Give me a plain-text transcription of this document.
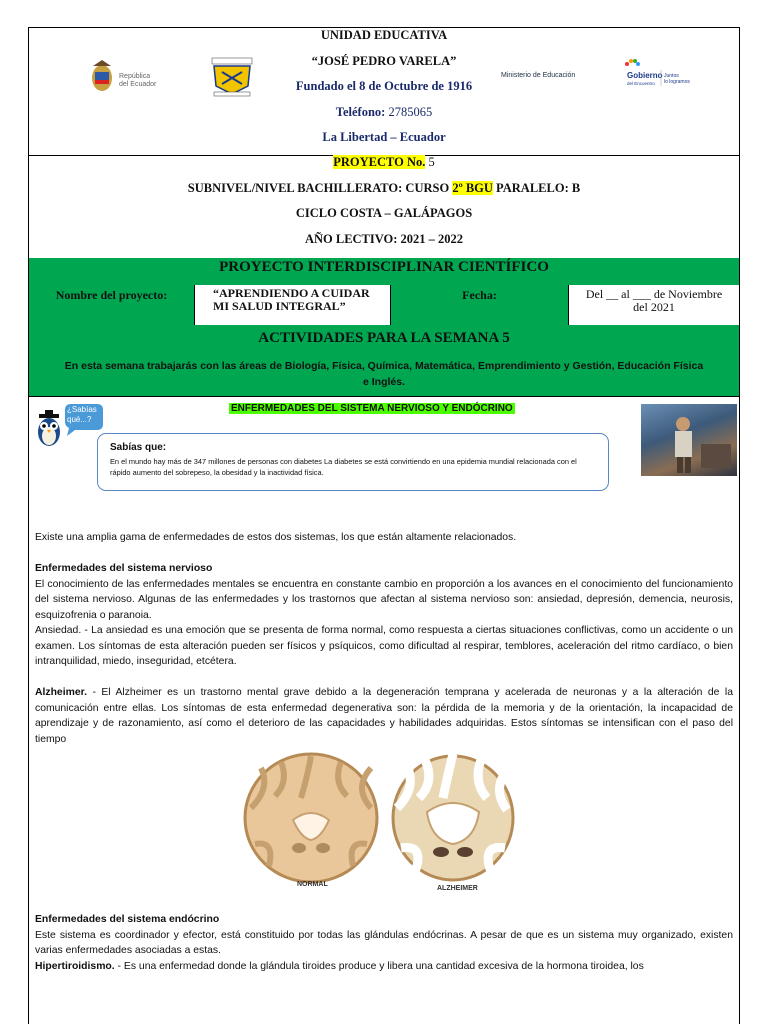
República
del Ecuador
UNIDAD EDUCATIVA
“JOSÉ PEDRO VARELA”
Fundado el 8 de Octubre de 1916
Teléfono: 2785065
La Libertad – Ecuador
Ministerio de Educación	Gobierno
del Encuentro
Juntos
lo logramos
PROYECTO No. 5
SUBNIVEL/NIVEL BACHILLERATO: CURSO 2º BGU PARALELO: B
CICLO COSTA – GALÁPAGOS
AÑO LECTIVO: 2021 – 2022
PROYECTO INTERDISCIPLINAR CIENTÍFICO
Nombre del proyecto:	“APRENDIENDO A CUIDAR
MI SALUD INTEGRAL”
Fecha:	Del __ al ___ de Noviembre
del 2021
ACTIVIDADES PARA LA SEMANA 5
En esta semana trabajarás con las áreas de Biología, Física, Química, Matemática, Emprendimiento y Gestión, Educación Física
e Inglés.
¿Sabías qué...?
ENFERMEDADES DEL SISTEMA NERVIOSO Y ENDÓCRINO
Sabías que:
En el mundo hay más de 347 millones de personas con diabetes La diabetes se está convirtiendo en una epidemia mundial relacionada con el rápido aumento del sobrepeso, la obesidad y la inactividad física.
Existe una amplia gama de enfermedades de estos dos sistemas, los que están altamente relacionados.
Enfermedades del sistema nervioso
El conocimiento de las enfermedades mentales se encuentra en constante cambio en proporción a los avances en el conocimiento del funcionamiento del sistema nervioso. Algunas de las enfermedades y los trastornos que afectan al sistema nervioso son: ansiedad, depresión, demencia, neurosis, esquizofrenia o paranoia.
Ansiedad. - La ansiedad es una emoción que se presenta de forma normal, como respuesta a ciertas situaciones conflictivas, como un accidente o un examen. Los síntomas de esta alteración pueden ser físicos y psíquicos, como dificultad al respirar, temblores, aceleración del ritmo cardíaco, o bien intranquilidad, miedo, inseguridad, etcétera.
Alzheimer. - El Alzheimer es un trastorno mental grave debido a la degeneración temprana y acelerada de neuronas y a la alteración de la comunicación entre ellas. Los síntomas de esta enfermedad degenerativa son: la pérdida de la memoria y de la orientación, la incapacidad de aprendizaje y de razonamiento, así como el deterioro de las capacidades y habilidades adquiridas. Estos síntomas se intensifican con el paso del tiempo
NORMAL
ALZHEIMER
Enfermedades del sistema endócrino
Este sistema es coordinador y efector, está constituido por todas las glándulas endócrinas. A pesar de que es un sistema muy organizado, existen varias enfermedades asociadas a estas.
Hipertiroidismo. - Es una enfermedad donde la glándula tiroides produce y libera una cantidad excesiva de la hormona tiroidea, los
